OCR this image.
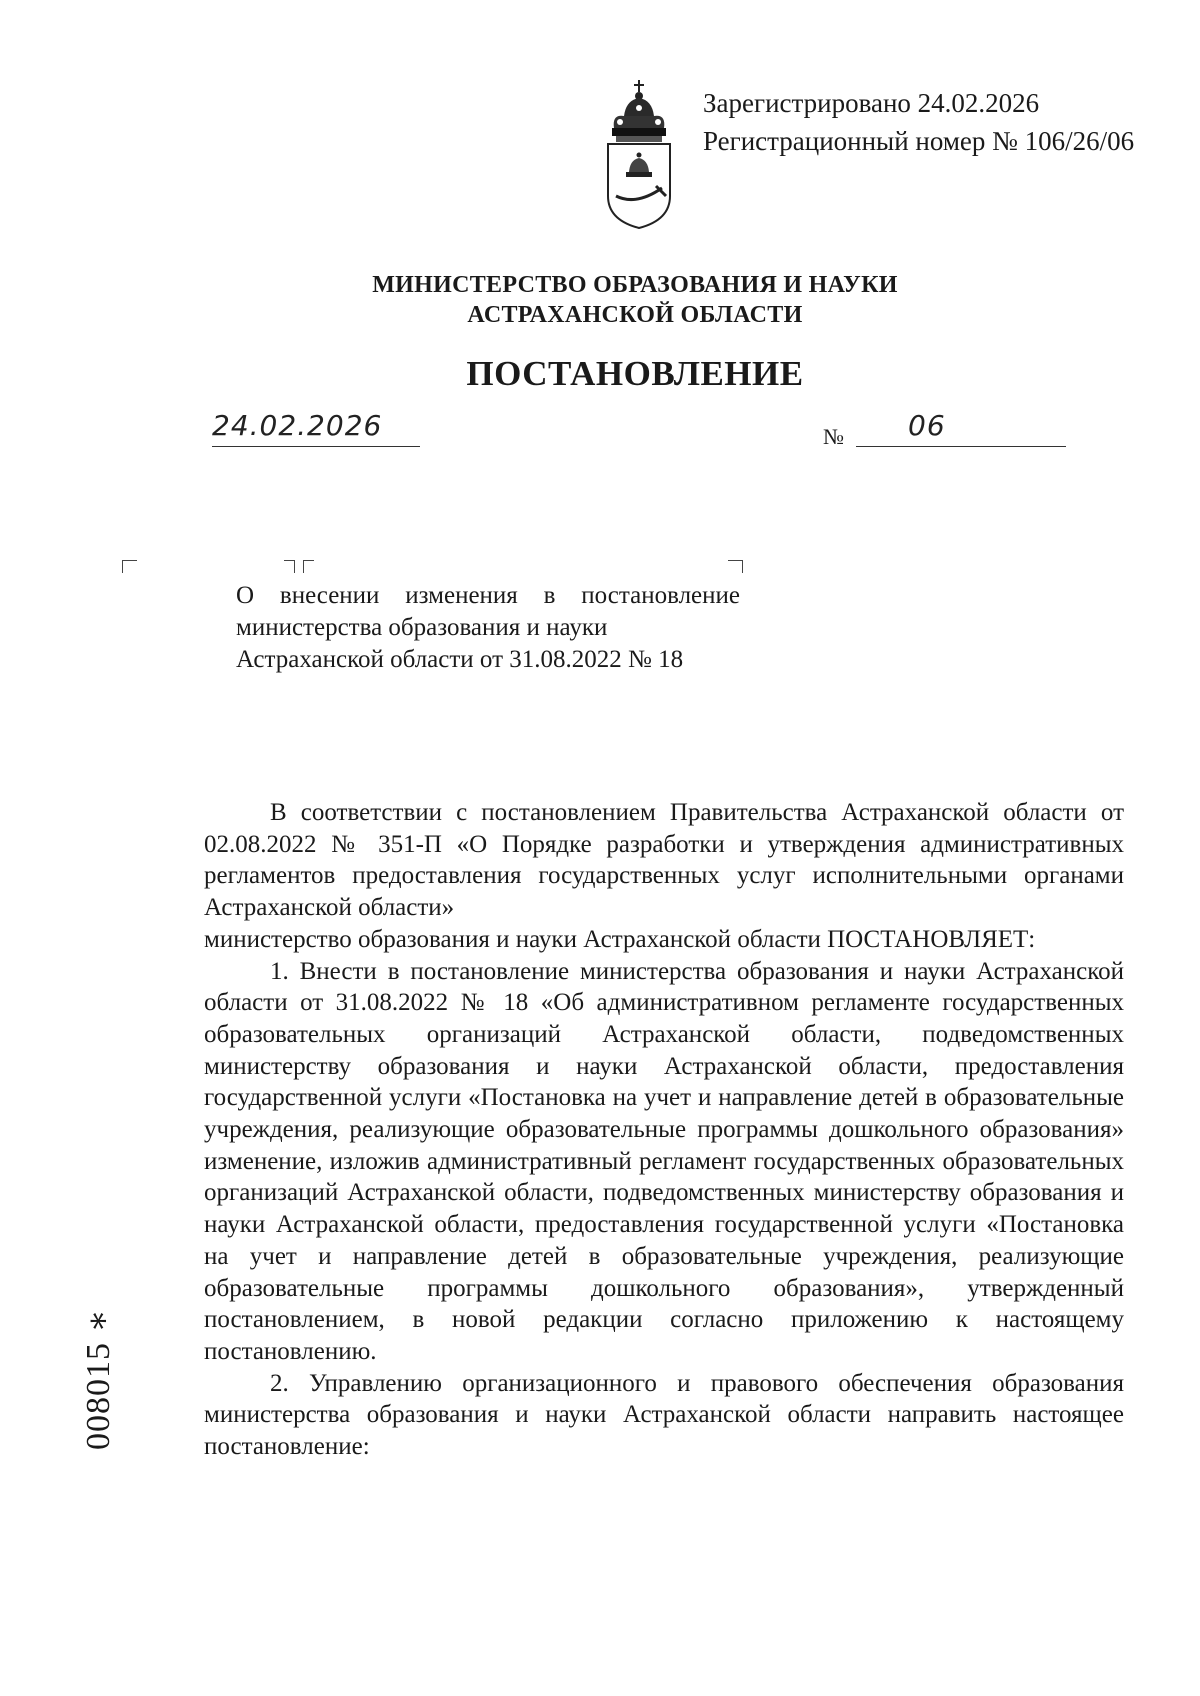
Зарегистрировано 24.02.2026
Регистрационный номер № 106/26/06
МИНИСТЕРСТВО ОБРАЗОВАНИЯ И НАУКИ
АСТРАХАНСКОЙ ОБЛАСТИ
ПОСТАНОВЛЕНИЕ
24.02.2026	№ 06
О внесении изменения в постановление
министерства образования и науки
Астраханской области от 31.08.2022 № 18

В соответствии с постановлением Правительства Астраханской области от 02.08.2022 № 351-П «О Порядке разработки и утверждения административных регламентов предоставления государственных услуг исполнительными органами Астраханской области»

министерство образования и науки Астраханской области ПОСТАНОВЛЯЕТ:

1. Внести в постановление министерства образования и науки Астраханской области от 31.08.2022 № 18 «Об административном регламенте государственных образовательных организаций Астраханской области, подведомственных министерству образования и науки Астраханской области, предоставления государственной услуги «Постановка на учет и направление детей в образовательные учреждения, реализующие образовательные программы дошкольного образования» изменение, изложив административный регламент государственных образовательных организаций Астраханской области, подведомственных министерству образования и науки Астраханской области, предоставления государственной услуги «Постановка на учет и направление детей в образовательные учреждения, реализующие образовательные программы дошкольного образования», утвержденный постановлением, в новой редакции согласно приложению к настоящему постановлению.

2. Управлению организационного и правового обеспечения образования министерства образования и науки Астраханской области направить настоящее постановление:

008015 ∗
